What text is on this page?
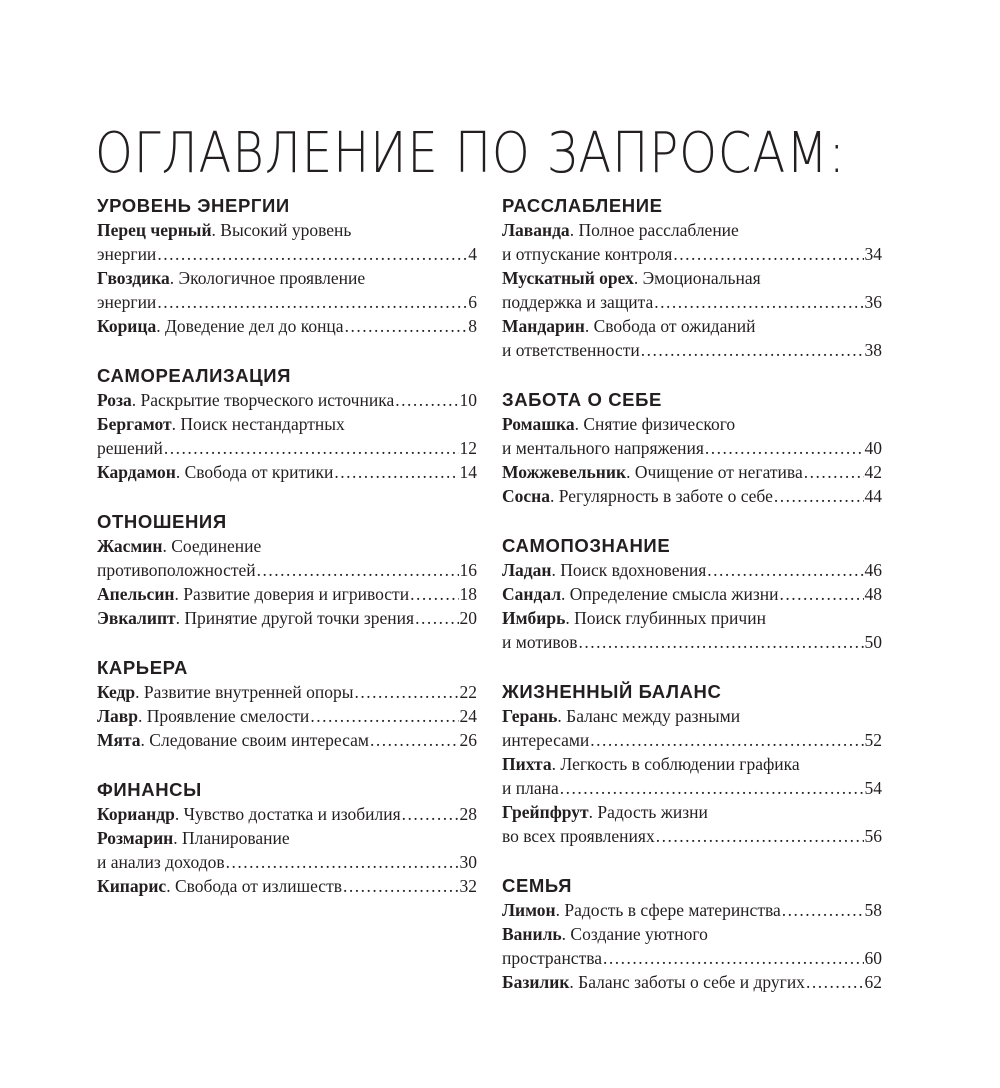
ОГЛАВЛЕНИЕ ПО ЗАПРОСАМ:
УРОВЕНЬ ЭНЕРГИИ
Перец черный. Высокий уровень
энергии .....	4
Гвоздика. Экологичное проявление
энергии .....	6
Корица. Доведение дел до конца .....	8
САМОРЕАЛИЗАЦИЯ
Роза. Раскрытие творческого источника .....	10
Бергамот. Поиск нестандартных
решений .....	12
Кардамон. Свобода от критики .....	14
ОТНОШЕНИЯ
Жасмин. Соединение
противоположностей .....	16
Апельсин. Развитие доверия и игривости .....	18
Эвкалипт. Принятие другой точки зрения .....	20
КАРЬЕРА
Кедр. Развитие внутренней опоры .....	22
Лавр. Проявление смелости .....	24
Мята. Следование своим интересам .....	26
ФИНАНСЫ
Кориандр. Чувство достатка и изобилия .....	28
Розмарин. Планирование
и анализ доходов .....	30
Кипарис. Свобода от излишеств .....	32
РАССЛАБЛЕНИЕ
Лаванда. Полное расслабление
и отпускание контроля .....	34
Мускатный орех. Эмоциональная
поддержка и защита .....	36
Мандарин. Свобода от ожиданий
и ответственности .....	38
ЗАБОТА О СЕБЕ
Ромашка. Снятие физического
и ментального напряжения .....	40
Можжевельник. Очищение от негатива .....	42
Сосна. Регулярность в заботе о себе .....	44
САМОПОЗНАНИЕ
Ладан. Поиск вдохновения .....	46
Сандал. Определение смысла жизни .....	48
Имбирь. Поиск глубинных причин
и мотивов .....	50
ЖИЗНЕННЫЙ БАЛАНС
Герань. Баланс между разными
интересами .....	52
Пихта. Легкость в соблюдении графика
и плана .....	54
Грейпфрут. Радость жизни
во всех проявлениях .....	56
СЕМЬЯ
Лимон. Радость в сфере материнства .....	58
Ваниль. Создание уютного
пространства .....	60
Базилик. Баланс заботы о себе и других .....	62
